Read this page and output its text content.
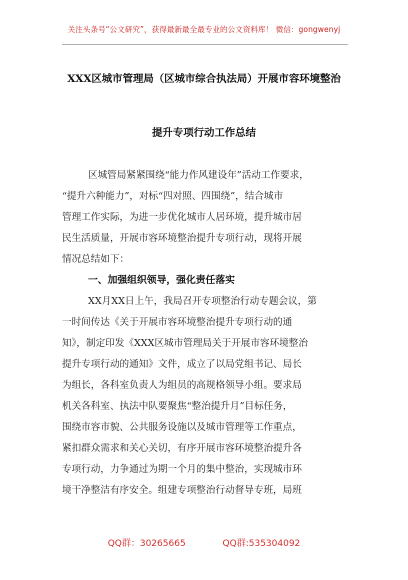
关注头条号“公文研究”，获得最新最全最专业的公文资料库！ 微信：gongwenyj
XXX区城市管理局（区城市综合执法局）开展市容环境整治
提升专项行动工作总结
区城管局紧紧围绕“能力作风建设年”活动工作要求，
“提升六种能力”，对标“四对照、四围绕”，结合城市
管理工作实际，为进一步优化城市人居环境，提升城市居
民生活质量，开展市容环境整治提升专项行动，现将开展
情况总结如下：
一、加强组织领导，强化责任落实
XX月XX日上午，我局召开专项整治行动专题会议，第
一时间传达《关于开展市容环境整治提升专项行动的通
知》，制定印发《XXX区城市管理局关于开展市容环境整治
提升专项行动的通知》文件，成立了以局党组书记、局长
为组长，各科室负责人为组员的高规格领导小组。要求局
机关各科室、执法中队要聚焦“整治提升月”目标任务，
围绕市容市貌、公共服务设施以及城市管理等工作重点，
紧扣群众需求和关心关切，有序开展市容环境整治提升各
专项行动，力争通过为期一个月的集中整治，实现城市环
境干净整洁有序安全。组建专项整治行动督导专班，局班
QQ群：30265665	QQ群:535304092
